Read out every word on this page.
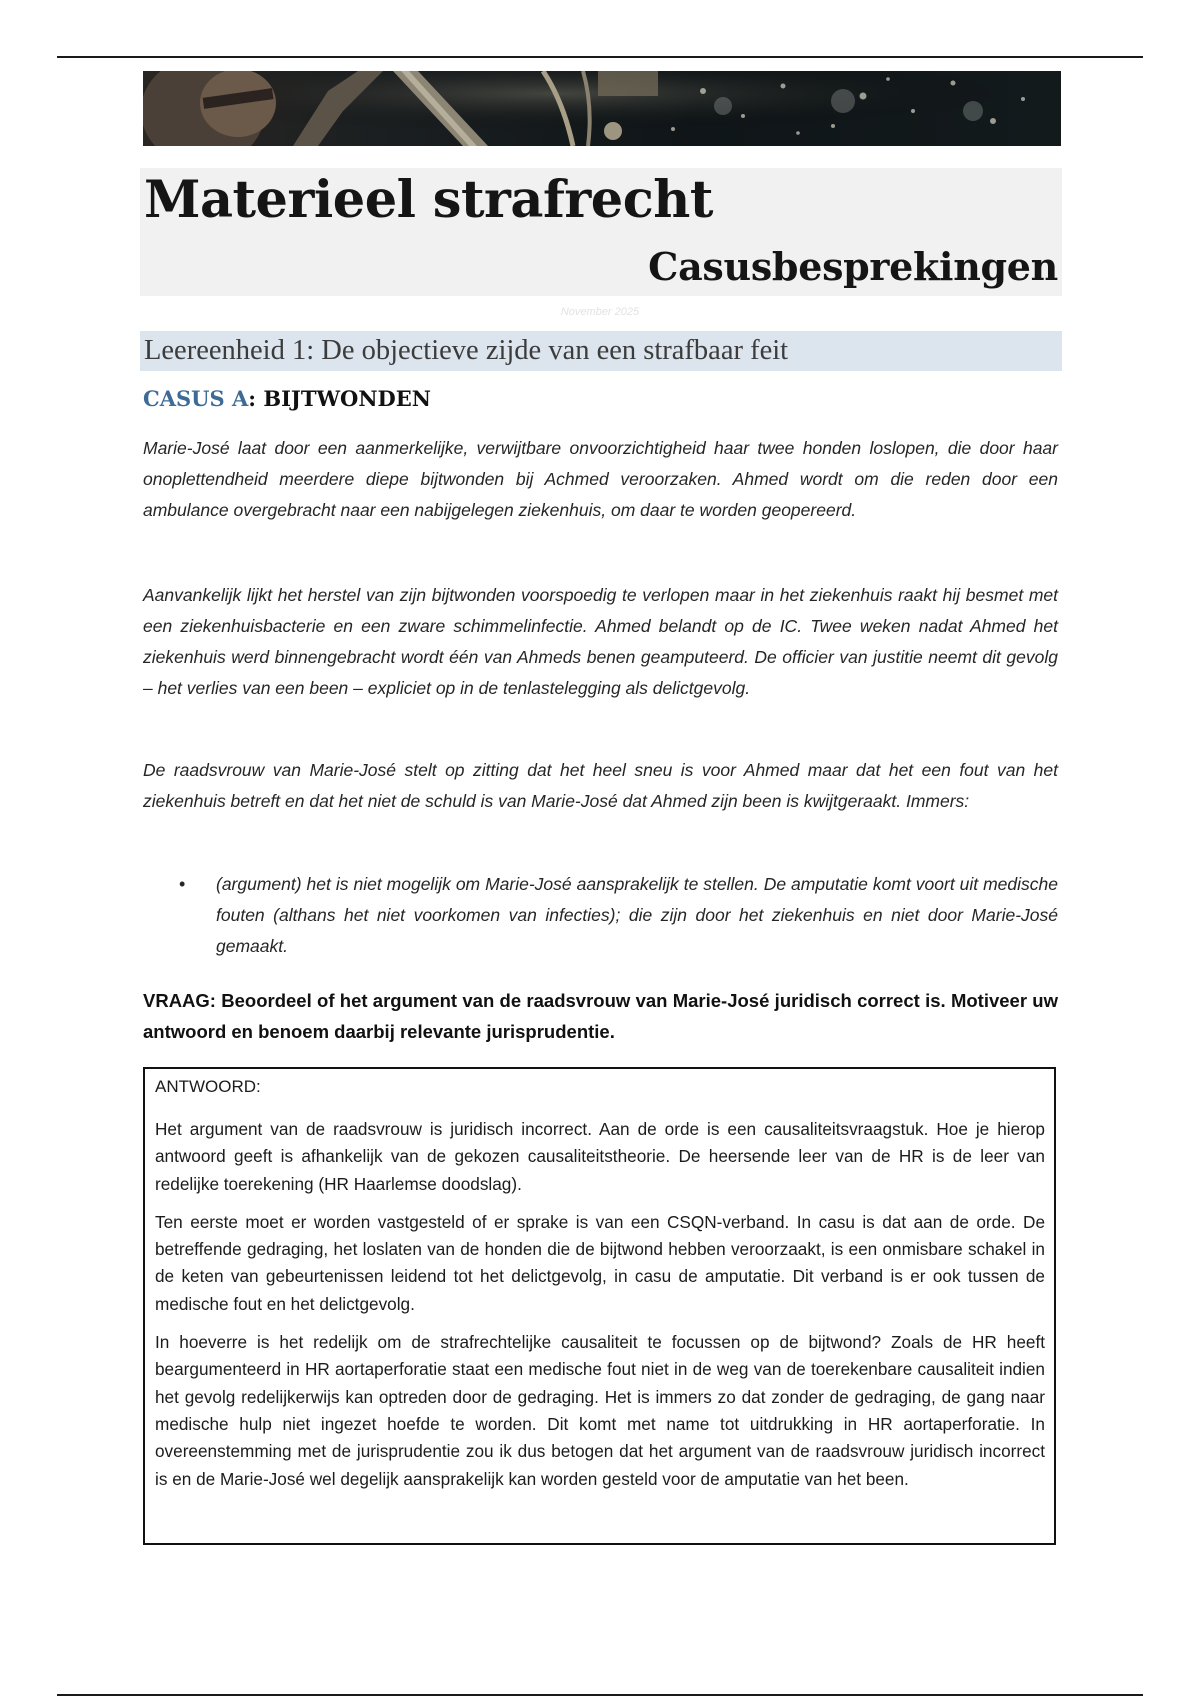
Materieel strafrecht
Casusbesprekingen
November 2025
Leereenheid 1: De objectieve zijde van een strafbaar feit
CASUS A: BIJTWONDEN

Marie-José laat door een aanmerkelijke, verwijtbare onvoorzichtigheid haar twee honden loslopen, die door haar onoplettendheid meerdere diepe bijtwonden bij Achmed veroorzaken. Ahmed wordt om die reden door een ambulance overgebracht naar een nabijgelegen ziekenhuis, om daar te worden geopereerd.

Aanvankelijk lijkt het herstel van zijn bijtwonden voorspoedig te verlopen maar in het ziekenhuis raakt hij besmet met een ziekenhuisbacterie en een zware schimmelinfectie. Ahmed belandt op de IC. Twee weken nadat Ahmed het ziekenhuis werd binnengebracht wordt één van Ahmeds benen geamputeerd. De officier van justitie neemt dit gevolg – het verlies van een been – expliciet op in de tenlastelegging als delictgevolg.

De raadsvrouw van Marie-José stelt op zitting dat het heel sneu is voor Ahmed maar dat het een fout van het ziekenhuis betreft en dat het niet de schuld is van Marie-José dat Ahmed zijn been is kwijtgeraakt. Immers:

• (argument) het is niet mogelijk om Marie-José aansprakelijk te stellen. De amputatie komt voort uit medische fouten (althans het niet voorkomen van infecties); die zijn door het ziekenhuis en niet door Marie-José gemaakt.

VRAAG: Beoordeel of het argument van de raadsvrouw van Marie-José juridisch correct is. Motiveer uw antwoord en benoem daarbij relevante jurisprudentie.

ANTWOORD:

Het argument van de raadsvrouw is juridisch incorrect. Aan de orde is een causaliteitsvraagstuk. Hoe je hierop antwoord geeft is afhankelijk van de gekozen causaliteitstheorie. De heersende leer van de HR is de leer van redelijke toerekening (HR Haarlemse doodslag).

Ten eerste moet er worden vastgesteld of er sprake is van een CSQN-verband. In casu is dat aan de orde. De betreffende gedraging, het loslaten van de honden die de bijtwond hebben veroorzaakt, is een onmisbare schakel in de keten van gebeurtenissen leidend tot het delictgevolg, in casu de amputatie. Dit verband is er ook tussen de medische fout en het delictgevolg.

In hoeverre is het redelijk om de strafrechtelijke causaliteit te focussen op de bijtwond? Zoals de HR heeft beargumenteerd in HR aortaperforatie staat een medische fout niet in de weg van de toerekenbare causaliteit indien het gevolg redelijkerwijs kan optreden door de gedraging. Het is immers zo dat zonder de gedraging, de gang naar medische hulp niet ingezet hoefde te worden. Dit komt met name tot uitdrukking in HR aortaperforatie. In overeenstemming met de jurisprudentie zou ik dus betogen dat het argument van de raadsvrouw juridisch incorrect is en de Marie-José wel degelijk aansprakelijk kan worden gesteld voor de amputatie van het been.
